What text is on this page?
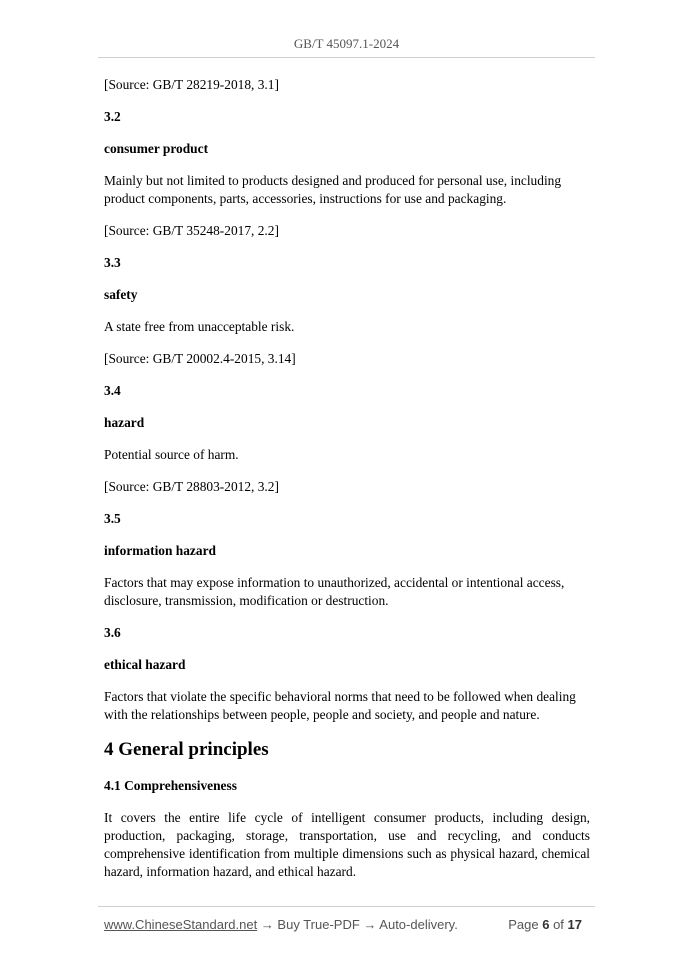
GB/T 45097.1-2024

[Source: GB/T 28219-2018, 3.1]

3.2

consumer product

Mainly but not limited to products designed and produced for personal use, including product components, parts, accessories, instructions for use and packaging.

[Source: GB/T 35248-2017, 2.2]

3.3

safety

A state free from unacceptable risk.

[Source: GB/T 20002.4-2015, 3.14]

3.4

hazard

Potential source of harm.

[Source: GB/T 28803-2012, 3.2]

3.5

information hazard

Factors that may expose information to unauthorized, accidental or intentional access, disclosure, transmission, modification or destruction.

3.6

ethical hazard

Factors that violate the specific behavioral norms that need to be followed when dealing with the relationships between people, people and society, and people and nature.

4 General principles

4.1 Comprehensiveness

It covers the entire life cycle of intelligent consumer products, including design, production, packaging, storage, transportation, use and recycling, and conducts comprehensive identification from multiple dimensions such as physical hazard, chemical hazard, information hazard, and ethical hazard.

www.ChineseStandard.net → Buy True-PDF → Auto-delivery.	Page 6 of 17
